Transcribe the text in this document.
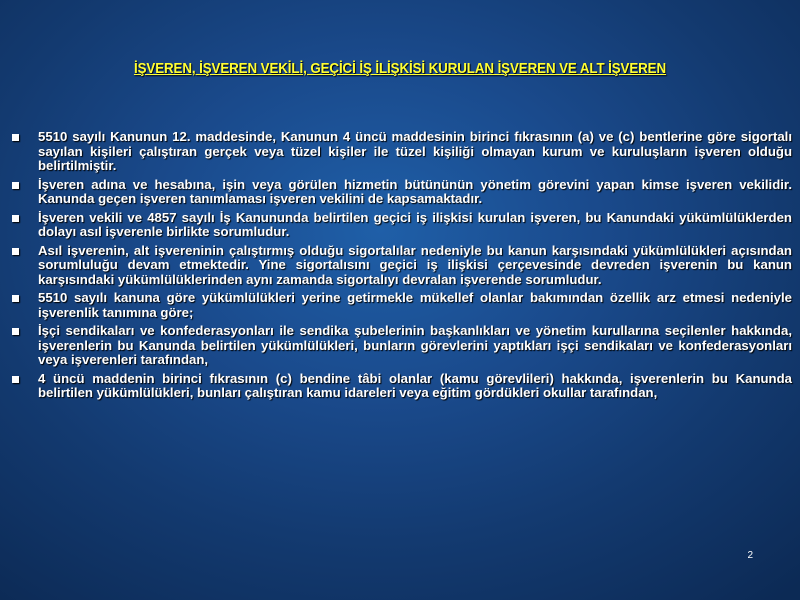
İŞVEREN, İŞVEREN VEKİLİ, GEÇİCİ İŞ İLİŞKİSİ KURULAN İŞVEREN VE ALT İŞVEREN
5510 sayılı Kanunun 12. maddesinde, Kanunun 4 üncü maddesinin birinci fıkrasının (a) ve (c) bentlerine göre sigortalı sayılan kişileri çalıştıran gerçek veya tüzel kişiler ile tüzel kişiliği olmayan kurum ve kuruluşların işveren olduğu belirtilmiştir.
İşveren adına ve hesabına, işin veya görülen hizmetin bütününün yönetim görevini yapan kimse işveren vekilidir. Kanunda geçen işveren tanımlaması işveren vekilini de kapsamaktadır.
İşveren vekili ve 4857 sayılı İş Kanununda belirtilen geçici iş ilişkisi kurulan işveren, bu Kanundaki yükümlülüklerden dolayı asıl işverenle birlikte sorumludur.
Asıl işverenin, alt işvereninin çalıştırmış olduğu sigortalılar nedeniyle bu kanun karşısındaki yükümlülükleri açısından sorumluluğu devam etmektedir. Yine sigortalısını geçici iş ilişkisi çerçevesinde devreden işverenin bu kanun karşısındaki yükümlülüklerinden aynı zamanda sigortalıyı devralan işverende sorumludur.
5510 sayılı kanuna göre yükümlülükleri yerine getirmekle mükellef olanlar bakımından özellik arz etmesi nedeniyle işverenlik tanımına göre;
İşçi sendikaları ve konfederasyonları ile sendika şubelerinin başkanlıkları ve yönetim kurullarına seçilenler hakkında, işverenlerin bu Kanunda belirtilen yükümlülükleri, bunların görevlerini yaptıkları işçi sendikaları ve konfederasyonları veya işverenleri tarafından,
4 üncü maddenin birinci fıkrasının (c) bendine tâbi olanlar (kamu görevlileri) hakkında, işverenlerin bu Kanunda belirtilen yükümlülükleri, bunları çalıştıran kamu idareleri veya eğitim gördükleri okullar tarafından,
2
